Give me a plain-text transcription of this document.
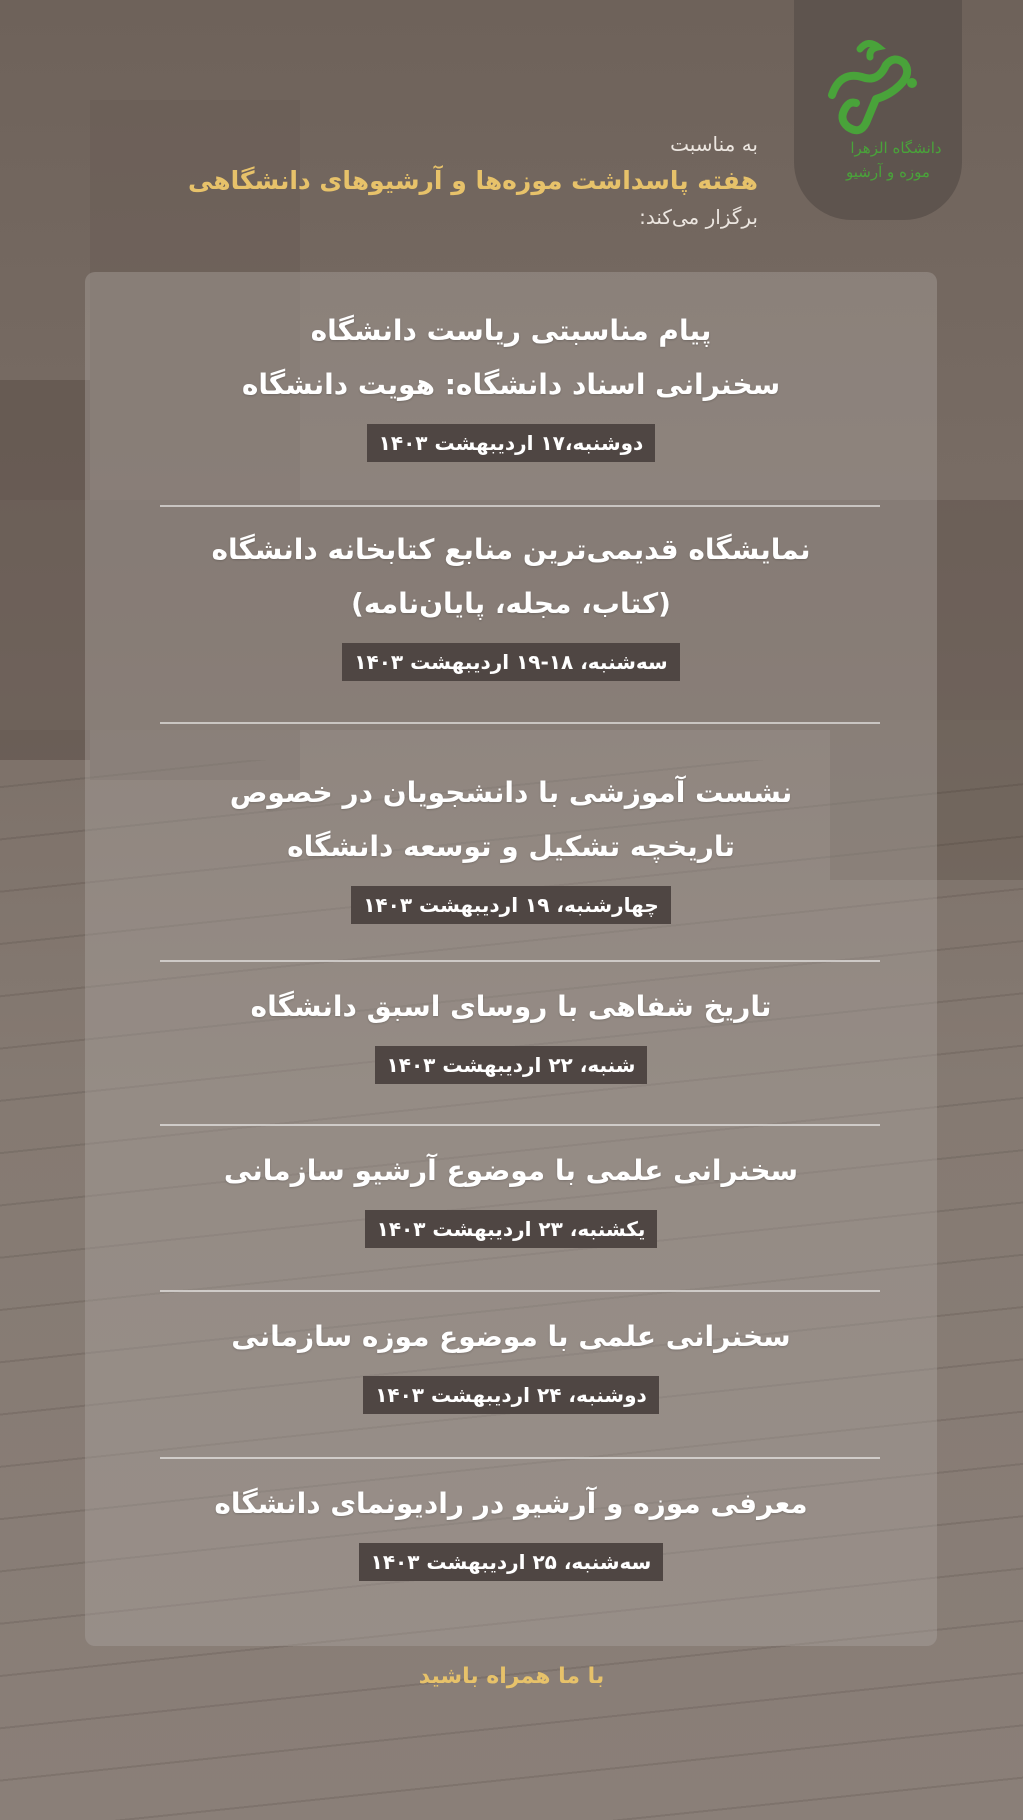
دانشگاه الزهرا
موزه و آرشیو

به مناسبت

هفته پاسداشت موزه‌ها و آرشیوهای دانشگاهی

برگزار می‌کند:

پیام مناسبتی ریاست دانشگاه
سخنرانی اسناد دانشگاه: هویت دانشگاه
دوشنبه،۱۷ اردیبهشت ۱۴۰۳
نمایشگاه قدیمی‌ترین منابع کتابخانه دانشگاه
(کتاب، مجله، پایان‌نامه)
سه‌شنبه، ۱۸-۱۹ اردیبهشت ۱۴۰۳
نشست آموزشی با دانشجویان در خصوص
تاریخچه تشکیل و توسعه دانشگاه
چهارشنبه، ۱۹ اردیبهشت ۱۴۰۳
تاریخ شفاهی با روسای اسبق دانشگاه
شنبه، ۲۲ اردیبهشت ۱۴۰۳
سخنرانی علمی با موضوع آرشیو سازمانی
یکشنبه، ۲۳ اردیبهشت ۱۴۰۳
سخنرانی علمی با موضوع موزه سازمانی
دوشنبه، ۲۴ اردیبهشت ۱۴۰۳
معرفی موزه و آرشیو در رادیونمای دانشگاه
سه‌شنبه، ۲۵ اردیبهشت ۱۴۰۳
با ما همراه باشید
